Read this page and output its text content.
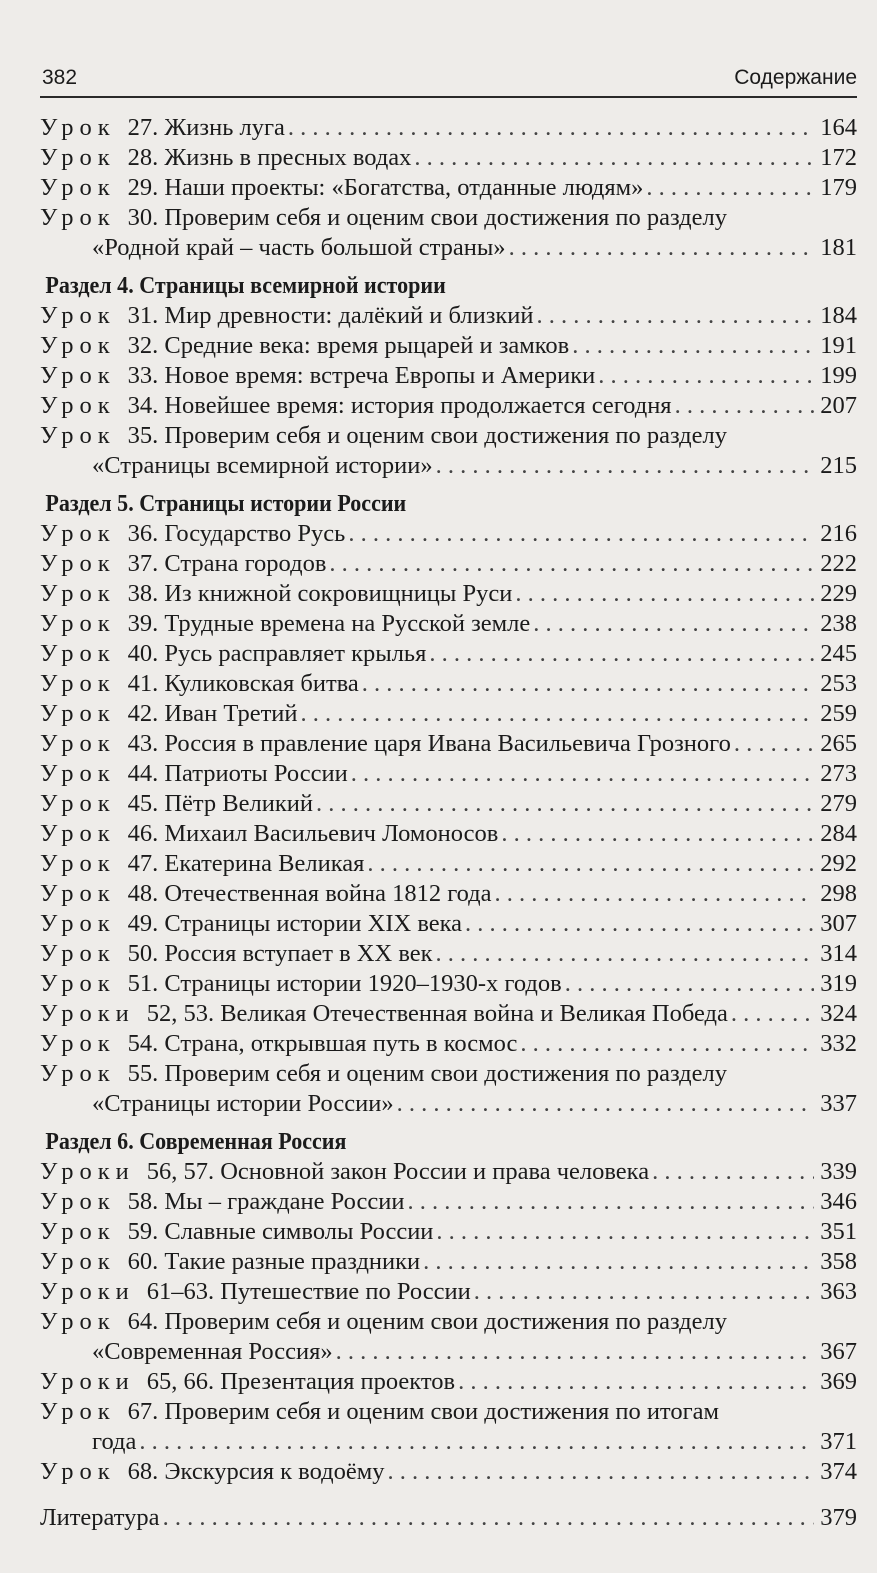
382	Содержание
Урок 27. Жизнь луга . . .	164
Урок 28. Жизнь в пресных водах . . .	172
Урок 29. Наши проекты: «Богатства, отданные людям» . . .	179
Урок 30. Проверим себя и оценим свои достижения по разделу
«Родной край – часть большой страны» . . .	181
Раздел 4. Страницы всемирной истории
Урок 31. Мир древности: далёкий и близкий . . .	184
Урок 32. Средние века: время рыцарей и замков . . .	191
Урок 33. Новое время: встреча Европы и Америки . . .	199
Урок 34. Новейшее время: история продолжается сегодня . . .	207
Урок 35. Проверим себя и оценим свои достижения по разделу
«Страницы всемирной истории» . . .	215
Раздел 5. Страницы истории России
Урок 36. Государство Русь . . .	216
Урок 37. Страна городов . . .	222
Урок 38. Из книжной сокровищницы Руси . . .	229
Урок 39. Трудные времена на Русской земле . . .	238
Урок 40. Русь расправляет крылья . . .	245
Урок 41. Куликовская битва . . .	253
Урок 42. Иван Третий . . .	259
Урок 43. Россия в правление царя Ивана Васильевича Грозного . . .	265
Урок 44. Патриоты России . . .	273
Урок 45. Пётр Великий . . .	279
Урок 46. Михаил Васильевич Ломоносов . . .	284
Урок 47. Екатерина Великая . . .	292
Урок 48. Отечественная война 1812 года . . .	298
Урок 49. Страницы истории XIX века . . .	307
Урок 50. Россия вступает в XX век . . .	314
Урок 51. Страницы истории 1920–1930-х годов . . .	319
Уроки 52, 53. Великая Отечественная война и Великая Победа . . .	324
Урок 54. Страна, открывшая путь в космос . . .	332
Урок 55. Проверим себя и оценим свои достижения по разделу
«Страницы истории России» . . .	337
Раздел 6. Современная Россия
Уроки 56, 57. Основной закон России и права человека . . .	339
Урок 58. Мы – граждане России . . .	346
Урок 59. Славные символы России . . .	351
Урок 60. Такие разные праздники . . .	358
Уроки 61–63. Путешествие по России . . .	363
Урок 64. Проверим себя и оценим свои достижения по разделу
«Современная Россия» . . .	367
Уроки 65, 66. Презентация проектов . . .	369
Урок 67. Проверим себя и оценим свои достижения по итогам
года . . .	371
Урок 68. Экскурсия к водоёму . . .	374
Литература . . .	379
